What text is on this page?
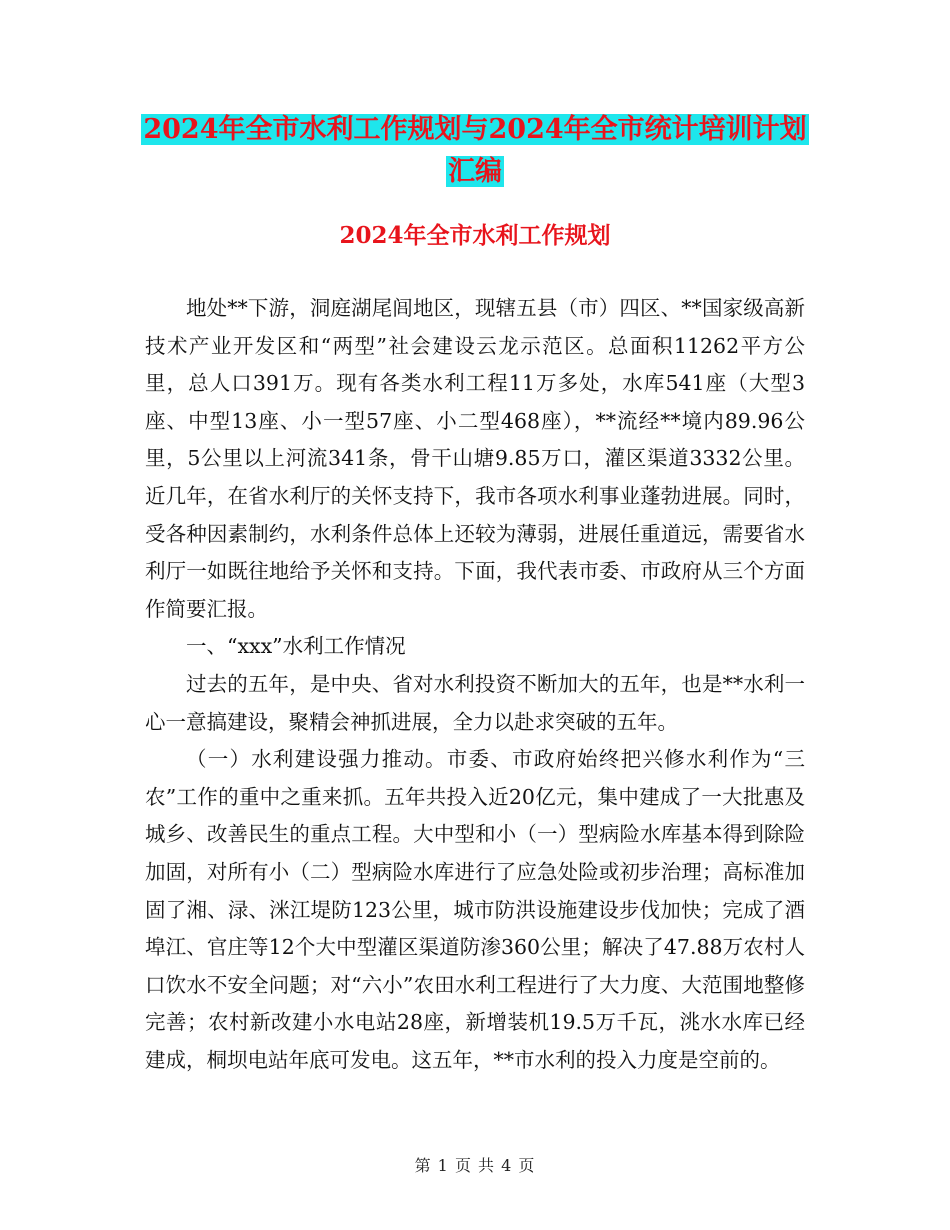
2024年全市水利工作规划与2024年全市统计培训计划
汇编
2024年全市水利工作规划

地处**下游，洞庭湖尾闾地区，现辖五县（市）四区、**国家级高新技术产业开发区和“两型”社会建设云龙示范区。总面积11262平方公里，总人口391万。现有各类水利工程11万多处，水库541座（大型3座、中型13座、小一型57座、小二型468座），**流经**境内89.96公里，5公里以上河流341条，骨干山塘9.85万口，灌区渠道3332公里。近几年，在省水利厅的关怀支持下，我市各项水利事业蓬勃进展。同时，受各种因素制约，水利条件总体上还较为薄弱，进展任重道远，需要省水利厅一如既往地给予关怀和支持。下面，我代表市委、市政府从三个方面作简要汇报。

一、“xxx”水利工作情况

过去的五年，是中央、省对水利投资不断加大的五年，也是**水利一心一意搞建设，聚精会神抓进展，全力以赴求突破的五年。

（一）水利建设强力推动。市委、市政府始终把兴修水利作为“三农”工作的重中之重来抓。五年共投入近20亿元，集中建成了一大批惠及城乡、改善民生的重点工程。大中型和小（一）型病险水库基本得到除险加固，对所有小（二）型病险水库进行了应急处险或初步治理；高标准加固了湘、渌、洣江堤防123公里，城市防洪设施建设步伐加快；完成了酒埠江、官庄等12个大中型灌区渠道防渗360公里；解决了47.88万农村人口饮水不安全问题；对“六小”农田水利工程进行了大力度、大范围地整修完善；农村新改建小水电站28座，新增装机19.5万千瓦，洮水水库已经建成，桐坝电站年底可发电。这五年，**市水利的投入力度是空前的。

第 1 页 共 4 页
